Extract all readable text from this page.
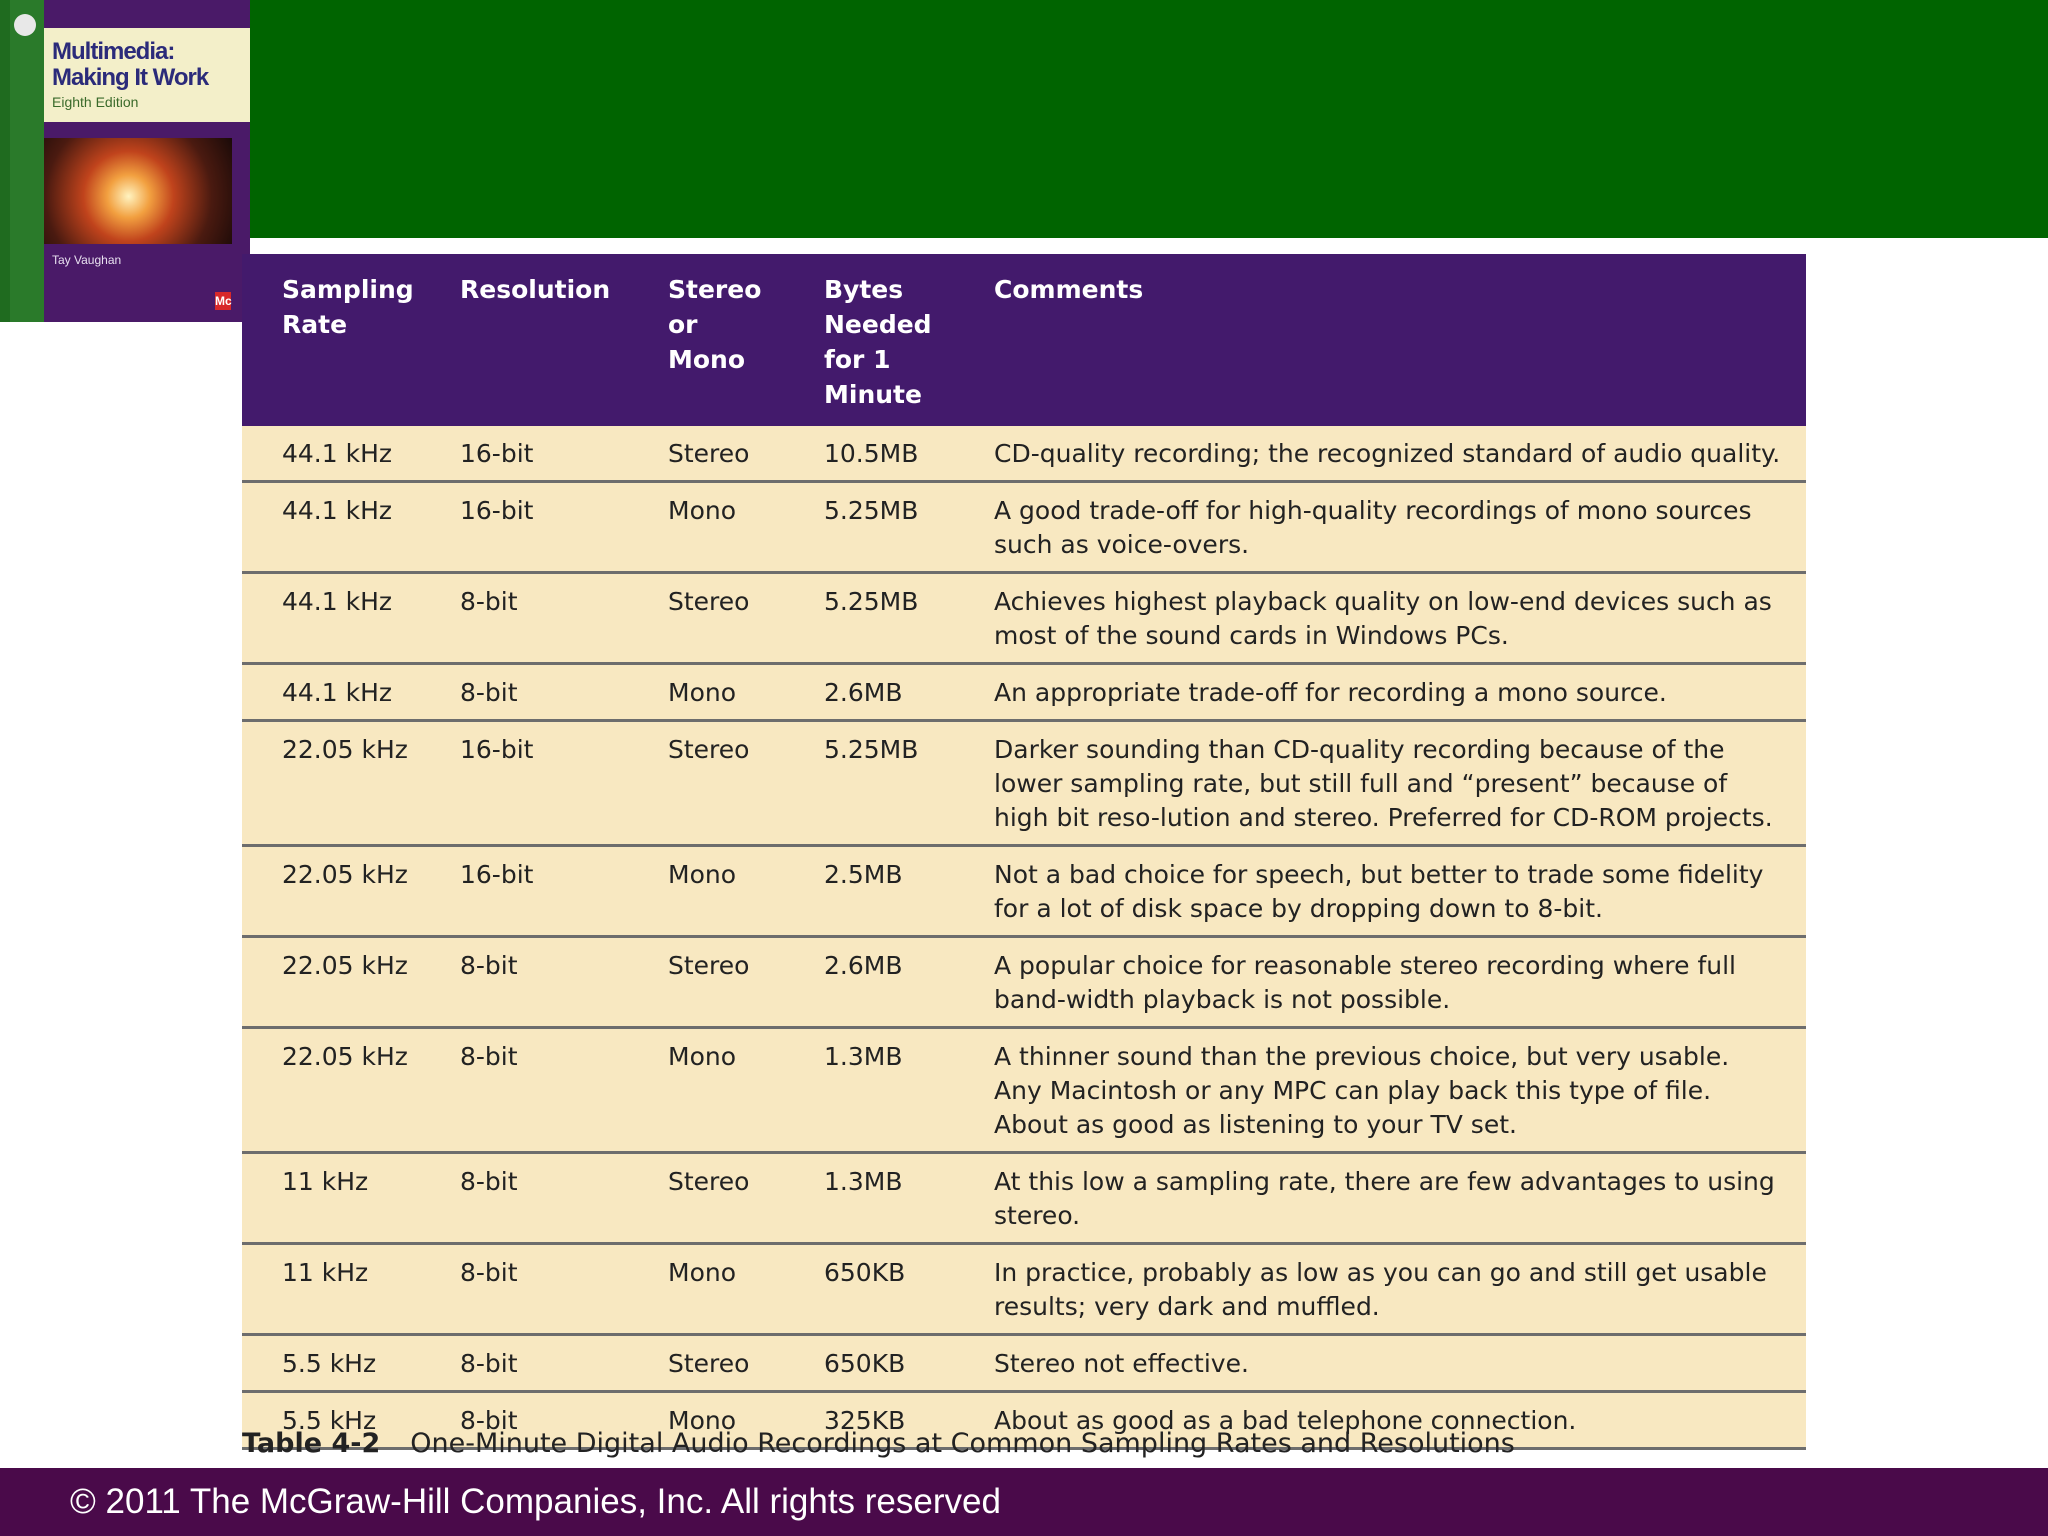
Multimedia:
Making It Work
Eighth Edition
Tay Vaughan
Mc Sampling Rate	Resolution	Stereo or Mono	Bytes Needed for 1 Minute	Comments
44.1 kHz	16-bit	Stereo	10.5MB	CD-quality recording; the recognized standard of audio quality.
44.1 kHz	16-bit	Mono	5.25MB	A good trade-off for high-quality recordings of mono sources such as voice-overs.
44.1 kHz	8-bit	Stereo	5.25MB	Achieves highest playback quality on low-end devices such as most of the sound cards in Windows PCs.
44.1 kHz	8-bit	Mono	2.6MB	An appropriate trade-off for recording a mono source.
22.05 kHz	16-bit	Stereo	5.25MB	Darker sounding than CD-quality recording because of the lower sampling rate, but still full and “present” because of high bit reso-lution and stereo. Preferred for CD-ROM projects.
22.05 kHz	16-bit	Mono	2.5MB	Not a bad choice for speech, but better to trade some fidelity for a lot of disk space by dropping down to 8-bit.
22.05 kHz	8-bit	Stereo	2.6MB	A popular choice for reasonable stereo recording where full band-width playback is not possible.
22.05 kHz	8-bit	Mono	1.3MB	A thinner sound than the previous choice, but very usable. Any Macintosh or any MPC can play back this type of file. About as good as listening to your TV set.
11 kHz	8-bit	Stereo	1.3MB	At this low a sampling rate, there are few advantages to using stereo.
11 kHz	8-bit	Mono	650KB	In practice, probably as low as you can go and still get usable results; very dark and muffled.
5.5 kHz	8-bit	Stereo	650KB	Stereo not effective.
5.5 kHz	8-bit	Mono	325KB	About as good as a bad telephone connection.
Table 4-2 One-Minute Digital Audio Recordings at Common Sampling Rates and Resolutions
© 2011 The McGraw-Hill Companies, Inc. All rights reserved
